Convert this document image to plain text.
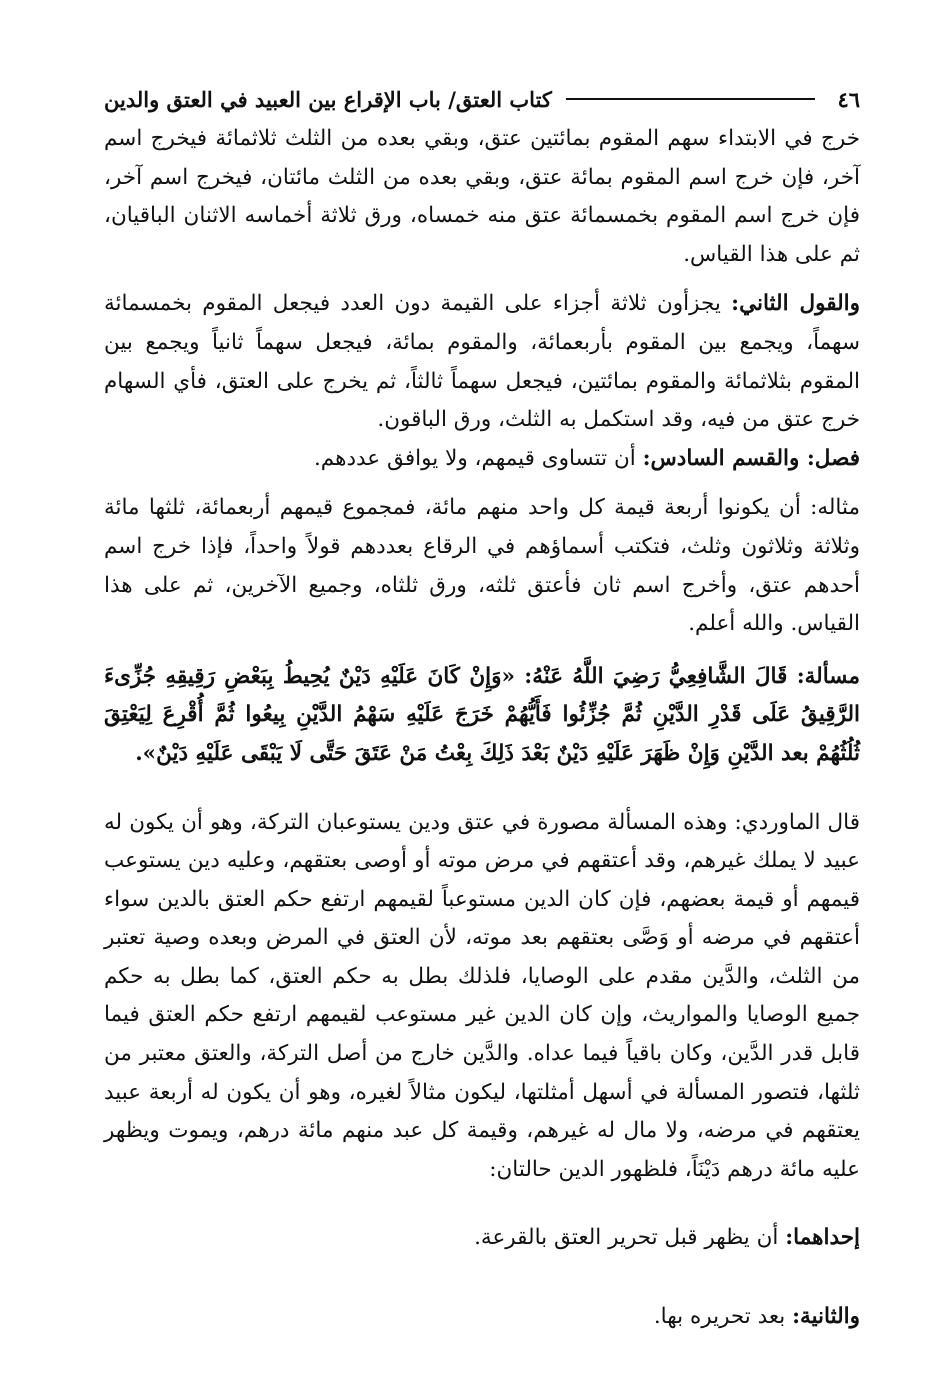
٤٦
كتاب العتق/ باب الإقراع بين العبيد في العتق والدين

خرج في الابتداء سهم المقوم بمائتين عتق، وبقي بعده من الثلث ثلاثمائة فيخرج اسم آخر، فإن خرج اسم المقوم بمائة عتق، وبقي بعده من الثلث مائتان، فيخرج اسم آخر، فإن خرج اسم المقوم بخمسمائة عتق منه خمساه، ورق ثلاثة أخماسه الاثنان الباقيان، ثم على هذا القياس.

والقول الثاني: يجزأون ثلاثة أجزاء على القيمة دون العدد فيجعل المقوم بخمسمائة سهماً، ويجمع بين المقوم بأربعمائة، والمقوم بمائة، فيجعل سهماً ثانياً ويجمع بين المقوم بثلاثمائة والمقوم بمائتين، فيجعل سهماً ثالثاً، ثم يخرج على العتق، فأي السهام خرج عتق من فيه، وقد استكمل به الثلث، ورق الباقون.

فصل: والقسم السادس: أن تتساوى قيمهم، ولا يوافق عددهم.

مثاله: أن يكونوا أربعة قيمة كل واحد منهم مائة، فمجموع قيمهم أربعمائة، ثلثها مائة وثلاثة وثلاثون وثلث، فتكتب أسماؤهم في الرقاع بعددهم قولاً واحداً، فإذا خرج اسم أحدهم عتق، وأخرج اسم ثان فأعتق ثلثه، ورق ثلثاه، وجميع الآخرين، ثم على هذا القياس. والله أعلم.

مسألة: قَالَ الشَّافِعِيُّ رَضِيَ اللَّهُ عَنْهُ: «وَإِنْ كَانَ عَلَيْهِ دَيْنٌ يُحِيطُ بِبَعْضِ رَقِيقِهِ جُزِّىءَ الرَّقِيقُ عَلَى قَدْرِ الدَّيْنِ ثُمَّ جُزِّئُوا فَأَيُّهُمْ خَرَجَ عَلَيْهِ سَهْمُ الدَّيْنِ بِيعُوا ثُمَّ أُقْرِعَ لِيَعْتِقَ ثُلُثُهُمْ بعد الدَّيْنِ وَإِنْ ظَهَرَ عَلَيْهِ دَيْنٌ بَعْدَ ذَلِكَ بِعْتُ مَنْ عَتَقَ حَتَّى لَا يَبْقَى عَلَيْهِ دَيْنٌ».

قال الماوردي: وهذه المسألة مصورة في عتق ودين يستوعبان التركة، وهو أن يكون له عبيد لا يملك غيرهم، وقد أعتقهم في مرض موته أو أوصى بعتقهم، وعليه دين يستوعب قيمهم أو قيمة بعضهم، فإن كان الدين مستوعباً لقيمهم ارتفع حكم العتق بالدين سواء أعتقهم في مرضه أو وَصَّى بعتقهم بعد موته، لأن العتق في المرض وبعده وصية تعتبر من الثلث، والدَّين مقدم على الوصايا، فلذلك بطل به حكم العتق، كما بطل به حكم جميع الوصايا والمواريث، وإن كان الدين غير مستوعب لقيمهم ارتفع حكم العتق فيما قابل قدر الدَّين، وكان باقياً فيما عداه. والدَّين خارج من أصل التركة، والعتق معتبر من ثلثها، فتصور المسألة في أسهل أمثلتها، ليكون مثالاً لغيره، وهو أن يكون له أربعة عبيد يعتقهم في مرضه، ولا مال له غيرهم، وقيمة كل عبد منهم مائة درهم، ويموت ويظهر عليه مائة درهم دَيْنَاً، فلظهور الدين حالتان:

إحداهما: أن يظهر قبل تحرير العتق بالقرعة.

والثانية: بعد تحريره بها.
